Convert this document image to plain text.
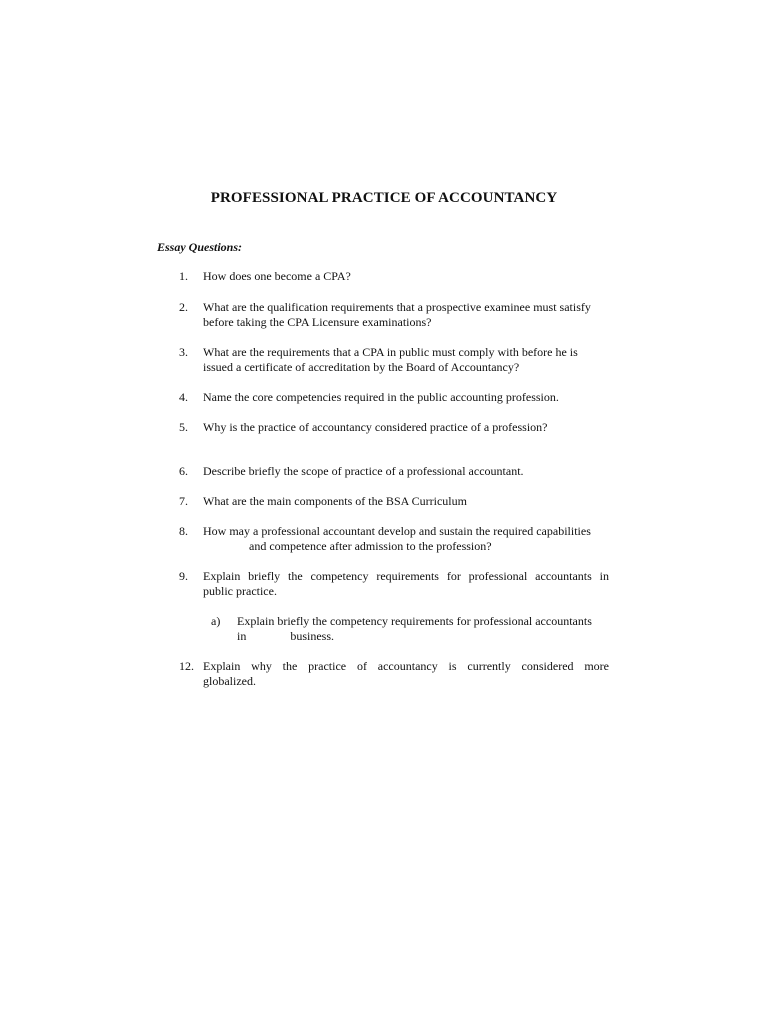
PROFESSIONAL PRACTICE OF ACCOUNTANCY
Essay Questions:
1.	How does one become a CPA?
2.	What are the qualification requirements that a prospective examinee must satisfy
before taking the CPA Licensure examinations?
3.	What are the requirements that a CPA in public must comply with before he is
issued a certificate of accreditation by the Board of Accountancy?
4.	Name the core competencies required in the public accounting profession.
5.	Why is the practice of accountancy considered practice of a profession?
6.	Describe briefly the scope of practice of a professional accountant.
7.	What are the main components of the BSA Curriculum
8.	How may a professional accountant develop and sustain the required capabilities
and competence after admission to the profession?
9.	Explain briefly the competency requirements for professional accountants in
public practice.
a) Explain briefly the competency requirements for professional accountants
in	business.
12. Explain why the practice of accountancy is currently considered more
globalized.
